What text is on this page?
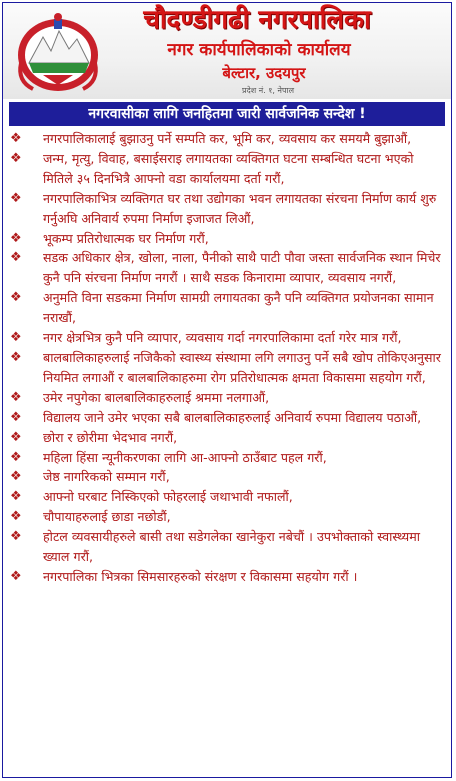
चौदण्डीगढी नगरपालिका
नगर कार्यपालिकाको कार्यालय
बेल्टार, उदयपुर
प्रदेश नं. १, नेपाल
नगरवासीका लागि जनहितमा जारी सार्वजनिक सन्देश !
❖	नगरपालिकालाई बुझाउनु पर्ने सम्पति कर, भूमि कर, व्यवसाय कर समयमै बुझाऔं,
❖	जन्म, मृत्यु, विवाह, बसाईसराइ लगायतका व्यक्तिगत घटना सम्बन्धित घटना भएको मितिले ३५ दिनभित्रै आफ्नो वडा कार्यालयमा दर्ता गरौं,
❖	नगरपालिकाभित्र व्यक्तिगत घर तथा उद्योगका भवन लगायतका संरचना निर्माण कार्य शुरु गर्नुअघि अनिवार्य रुपमा निर्माण इजाजत लिऔं,
❖	भूकम्प प्रतिरोधात्मक घर निर्माण गरौं,
❖	सडक अधिकार क्षेत्र, खोला, नाला, पैनीको साथै पाटी पौवा जस्ता सार्वजनिक स्थान मिचेर कुनै पनि संरचना निर्माण नगरौं । साथै सडक किनारामा व्यापार, व्यवसाय नगरौं,
❖	अनुमति विना सडकमा निर्माण सामग्री लगायतका कुनै पनि व्यक्तिगत प्रयोजनका सामान नराखौं,
❖	नगर क्षेत्रभित्र कुनै पनि व्यापार, व्यवसाय गर्दा नगरपालिकामा दर्ता गरेर मात्र गरौं,
❖	बालबालिकाहरुलाई नजिकैको स्वास्थ्य संस्थामा लगि लगाउनु पर्ने सबै खोप तोकिएअनुसार नियमित लगाऔं र बालबालिकाहरुमा रोग प्रतिरोधात्मक क्षमता विकासमा सहयोग गरौं,
❖	उमेर नपुगेका बालबालिकाहरुलाई श्रममा नलगाऔं,
❖	विद्यालय जाने उमेर भएका सबै बालबालिकाहरुलाई अनिवार्य रुपमा विद्यालय पठाऔं,
❖	छोरा र छोरीमा भेदभाव नगरौं,
❖	महिला हिंसा न्यूनीकरणका लागि आ-आफ्नो ठाउँबाट पहल गरौं,
❖	जेष्ठ नागरिकको सम्मान गरौं,
❖	आफ्नो घरबाट निस्किएको फोहरलाई जथाभावी नफालौं,
❖	चौपायाहरुलाई छाडा नछोडौं,
❖	होटल व्यवसायीहरुले बासी तथा सडेगलेका खानेकुरा नबेचौं । उपभोक्ताको स्वास्थ्यमा ख्याल गरौं,
❖	नगरपालिका भित्रका सिमसारहरुको संरक्षण र विकासमा सहयोग गरौं ।
